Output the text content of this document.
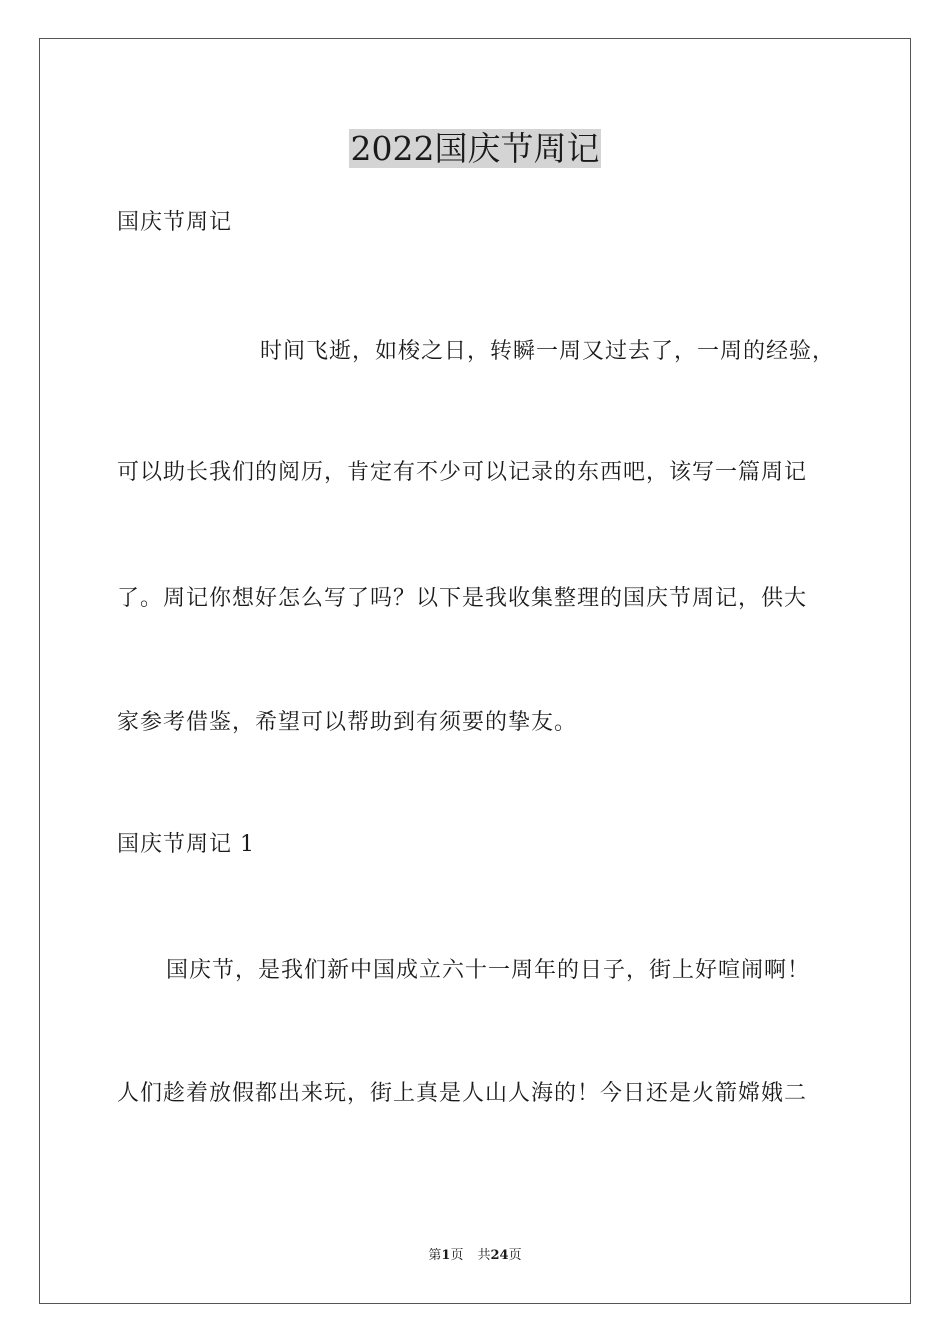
2022国庆节周记
国庆节周记
时间飞逝，如梭之日，转瞬一周又过去了，一周的经验，
可以助长我们的阅历，肯定有不少可以记录的东西吧，该写一篇周记
了。周记你想好怎么写了吗？以下是我收集整理的国庆节周记，供大
家参考借鉴，希望可以帮助到有须要的挚友。
国庆节周记 1
国庆节，是我们新中国成立六十一周年的日子，街上好喧闹啊！
人们趁着放假都出来玩，街上真是人山人海的！今日还是火箭嫦娥二
第1页 共24页
